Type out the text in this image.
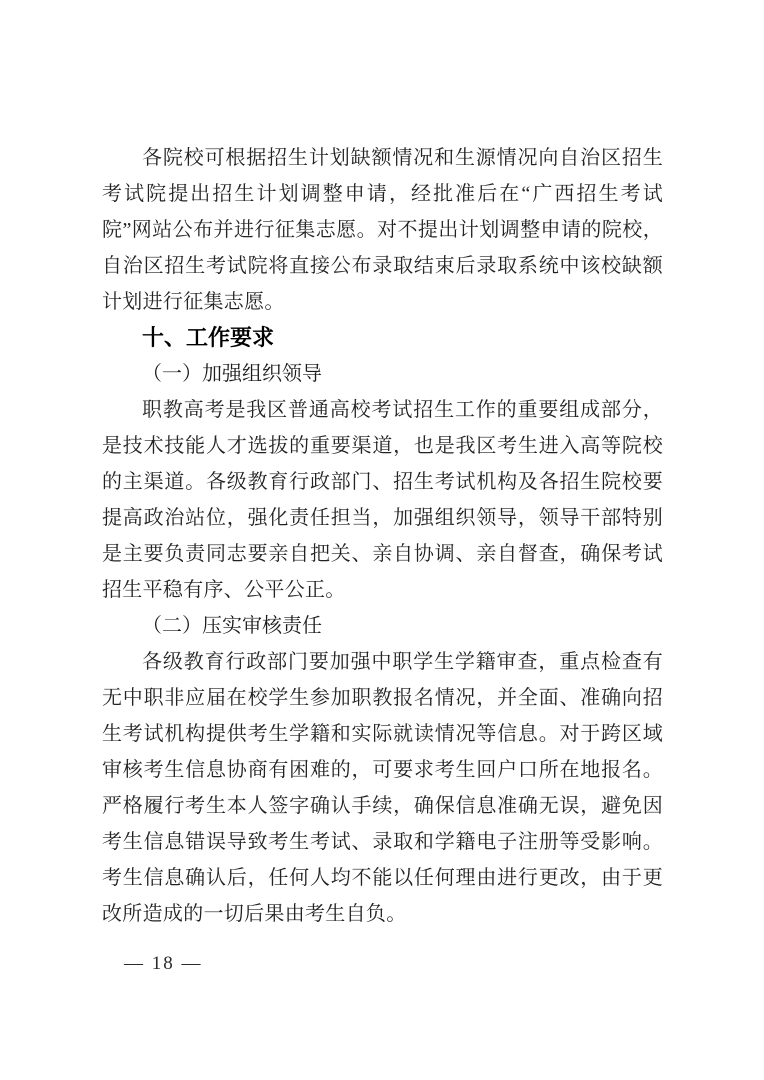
各院校可根据招生计划缺额情况和生源情况向自治区招生考试院提出招生计划调整申请，经批准后在“广西招生考试院”网站公布并进行征集志愿。对不提出计划调整申请的院校，自治区招生考试院将直接公布录取结束后录取系统中该校缺额计划进行征集志愿。

十、工作要求
（一）加强组织领导

职教高考是我区普通高校考试招生工作的重要组成部分，是技术技能人才选拔的重要渠道，也是我区考生进入高等院校的主渠道。各级教育行政部门、招生考试机构及各招生院校要提高政治站位，强化责任担当，加强组织领导，领导干部特别是主要负责同志要亲自把关、亲自协调、亲自督查，确保考试招生平稳有序、公平公正。

（二）压实审核责任

各级教育行政部门要加强中职学生学籍审查，重点检查有无中职非应届在校学生参加职教报名情况，并全面、准确向招生考试机构提供考生学籍和实际就读情况等信息。对于跨区域审核考生信息协商有困难的，可要求考生回户口所在地报名。严格履行考生本人签字确认手续，确保信息准确无误，避免因考生信息错误导致考生考试、录取和学籍电子注册等受影响。考生信息确认后，任何人均不能以任何理由进行更改，由于更改所造成的一切后果由考生自负。

— 18 —
